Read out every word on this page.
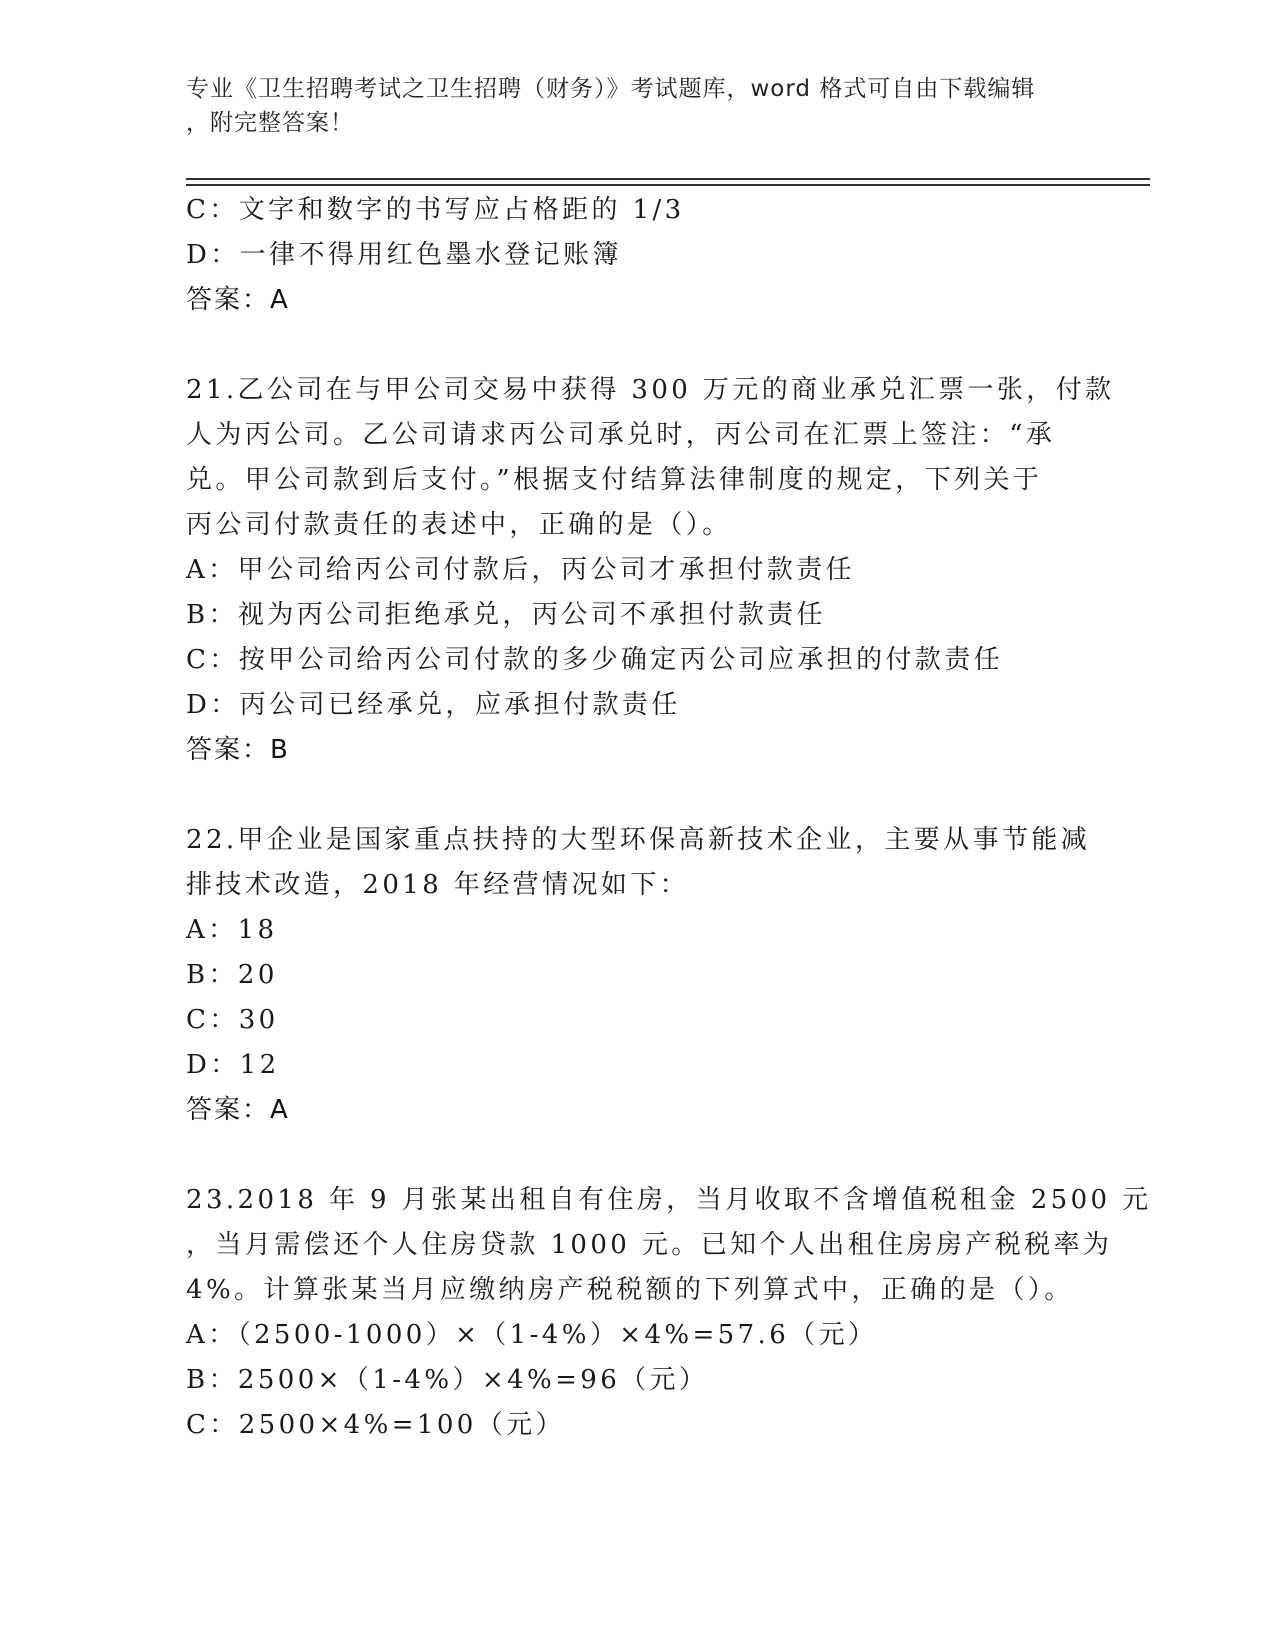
专业《卫生招聘考试之卫生招聘（财务）》考试题库，word 格式可自由下载编辑
，附完整答案！
C：文字和数字的书写应占格距的 1/3
D：一律不得用红色墨水登记账簿
答案：A
21.乙公司在与甲公司交易中获得 300 万元的商业承兑汇票一张，付款
人为丙公司。乙公司请求丙公司承兑时，丙公司在汇票上签注：“承
兑。甲公司款到后支付。”根据支付结算法律制度的规定，下列关于
丙公司付款责任的表述中，正确的是（）。
A：甲公司给丙公司付款后，丙公司才承担付款责任
B：视为丙公司拒绝承兑，丙公司不承担付款责任
C：按甲公司给丙公司付款的多少确定丙公司应承担的付款责任
D：丙公司已经承兑，应承担付款责任
答案：B
22.甲企业是国家重点扶持的大型环保高新技术企业，主要从事节能减
排技术改造，2018 年经营情况如下：
A：18
B：20
C：30
D：12
答案：A
23.2018 年 9 月张某出租自有住房，当月收取不含增值税租金 2500 元
，当月需偿还个人住房贷款 1000 元。已知个人出租住房房产税税率为
4%。计算张某当月应缴纳房产税税额的下列算式中，正确的是（）。
A：（2500-1000）×（1-4%）×4%=57.6（元）
B：2500×（1-4%）×4%=96（元）
C：2500×4%=100（元）
